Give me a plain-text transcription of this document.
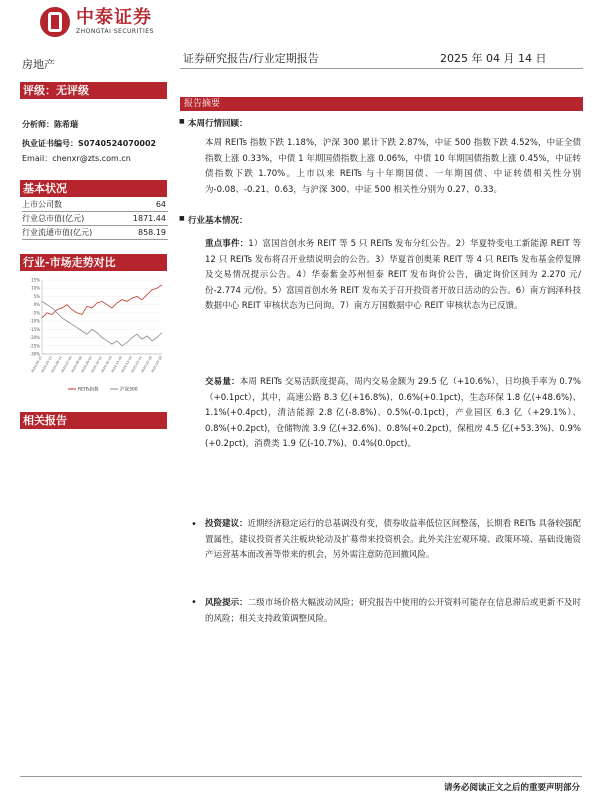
中泰证券
ZHONGTAI SECURITIES
房地产	证券研究报告/行业定期报告	2025 年 04 月 14 日
评级：无评级
分析师：陈希瑞
执业证书编号：S0740524070002
Email：chenxr@zts.com.cn
基本状况
上市公司数	64
行业总市值(亿元)	1871.44
行业流通市值(亿元)	858.19
行业-市场走势对比
15%
10%
5%
0%
-5%
-10%
-15%
-20%
-25%
-30%
2024-04-15
2024-05-13
2024-06-11
2024-07-09
2024-08-06
2024-09-03
2024-10-01
2024-10-29
2024-11-26
2024-12-24
2025-01-21
2025-02-18
2025-03-18
REITs指数	沪深300
相关报告
报告摘要
■ 本周行情回顾：

本周 REITs 指数下跌 1.18%，沪深 300 累计下跌 2.87%，中证 500 指数下跌 4.52%，中证全债指数上涨 0.33%，中债 1 年期国债指数上涨 0.06%，中债 10 年期国债指数上涨 0.45%，中证转债指数下跌 1.70%。上市以来 REITs 与十年期国债、一年期国债、中证转债相关性分别为-0.08、-0.21、0.63，与沪深 300、中证 500 相关性分别为 0.27、0.33。

■ 行业基本情况：

重点事件：1）富国首创水务 REIT 等 5 只 REITs 发布分红公告。2）华夏特变电工新能源 REIT 等 12 只 REITs 发布将召开业绩说明会的公告。3）华夏首创奥莱 REIT 等 4 只 REITs 发布基金停复牌及交易情况提示公告。4）华泰紫金苏州恒泰 REIT 发布询价公告，确定询价区间为 2.270 元/份-2.774 元/份。5）富国首创水务 REIT 发布关于召开投资者开放日活动的公告。6）南方润泽科技数据中心 REIT 审核状态为已问询。7）南方万国数据中心 REIT 审核状态为已反馈。

交易量：本周 REITs 交易活跃度提高，周内交易金额为 29.5 亿（+10.6%），日均换手率为 0.7%（+0.1pct），其中，高速公路 8.3 亿(+16.8%)、0.6%(+0.1pct)，生态环保 1.8 亿(+48.6%)、1.1%(+0.4pct)，清洁能源 2.8 亿(-8.8%)、0.5%(-0.1pct)，产业园区 6.3 亿（+29.1%）、0.8%(+0.2pct)，仓储物流 3.9 亿(+32.6%)、0.8%(+0.2pct)，保租房 4.5 亿(+53.3%)、0.9%(+0.2pct)，消费类 1.9 亿(-10.7%)、0.4%(0.0pct)。

• 投资建议：近期经济稳定运行的总基调没有变，债券收益率低位区间整荡，长期看 REITs 具备较强配置属性，建议投资者关注板块轮动及扩募带来投资机会。此外关注宏观环境、政策环境、基础设施资产运营基本面改善等带来的机会，另外需注意防范回撤风险。

• 风险提示：二级市场价格大幅波动风险；研究报告中使用的公开资料可能存在信息滞后或更新不及时的风险；相关支持政策调整风险。

请务必阅读正文之后的重要声明部分
